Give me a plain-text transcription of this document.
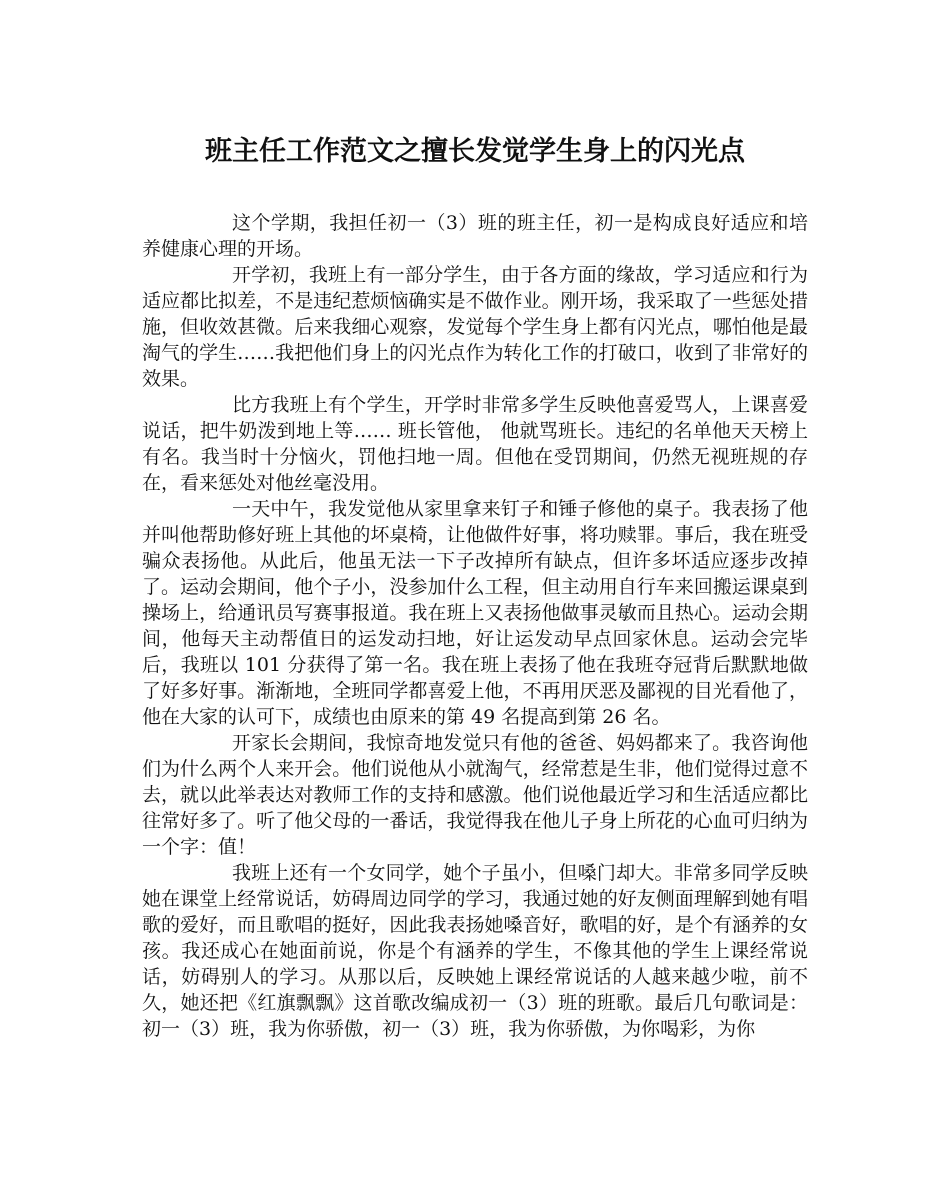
班主任工作范文之擅长发觉学生身上的闪光点

这个学期，我担任初一（3）班的班主任，初一是构成良好适应和培养健康心理的开场。

开学初，我班上有一部分学生，由于各方面的缘故，学习适应和行为适应都比拟差，不是违纪惹烦恼确实是不做作业。刚开场，我采取了一些惩处措施，但收效甚微。后来我细心观察，发觉每个学生身上都有闪光点，哪怕他是最淘气的学生……我把他们身上的闪光点作为转化工作的打破口，收到了非常好的效果。

比方我班上有个学生，开学时非常多学生反映他喜爱骂人，上课喜爱说话，把牛奶泼到地上等…… 班长管他， 他就骂班长。违纪的名单他天天榜上有名。我当时十分恼火，罚他扫地一周。但他在受罚期间，仍然无视班规的存在，看来惩处对他丝毫没用。

一天中午，我发觉他从家里拿来钉子和锤子修他的桌子。我表扬了他并叫他帮助修好班上其他的坏桌椅，让他做件好事，将功赎罪。事后，我在班受骗众表扬他。从此后，他虽无法一下子改掉所有缺点，但许多坏适应逐步改掉了。运动会期间，他个子小，没参加什么工程，但主动用自行车来回搬运课桌到操场上，给通讯员写赛事报道。我在班上又表扬他做事灵敏而且热心。运动会期间，他每天主动帮值日的运发动扫地，好让运发动早点回家休息。运动会完毕后，我班以 101 分获得了第一名。我在班上表扬了他在我班夺冠背后默默地做了好多好事。渐渐地，全班同学都喜爱上他，不再用厌恶及鄙视的目光看他了，他在大家的认可下，成绩也由原来的第 49 名提高到第 26 名。

开家长会期间，我惊奇地发觉只有他的爸爸、妈妈都来了。我咨询他们为什么两个人来开会。他们说他从小就淘气，经常惹是生非，他们觉得过意不去，就以此举表达对教师工作的支持和感激。他们说他最近学习和生活适应都比往常好多了。听了他父母的一番话，我觉得我在他儿子身上所花的心血可归纳为一个字：值！

我班上还有一个女同学，她个子虽小，但嗓门却大。非常多同学反映她在课堂上经常说话，妨碍周边同学的学习，我通过她的好友侧面理解到她有唱歌的爱好，而且歌唱的挺好，因此我表扬她嗓音好，歌唱的好，是个有涵养的女孩。我还成心在她面前说，你是个有涵养的学生，不像其他的学生上课经常说话，妨碍别人的学习。从那以后，反映她上课经常说话的人越来越少啦，前不久，她还把《红旗飘飘》这首歌改编成初一（3）班的班歌。最后几句歌词是：初一（3）班，我为你骄傲，初一（3）班，我为你骄傲，为你喝彩，为你
